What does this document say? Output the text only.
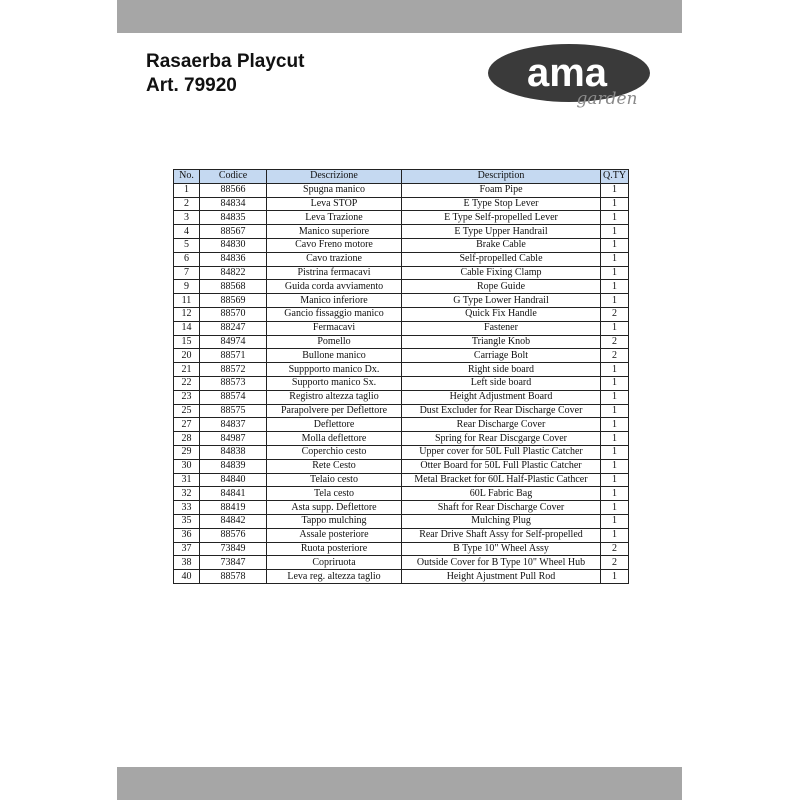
Rasaerba Playcut
Art. 79920	ama
garden
No.	Codice	Descrizione	Description	Q.TY
1	88566	Spugna manico	Foam Pipe	1
2	84834	Leva STOP	E Type Stop Lever	1
3	84835	Leva Trazione	E Type Self-propelled Lever	1
4	88567	Manico superiore	E Type Upper Handrail	1
5	84830	Cavo Freno motore	Brake Cable	1
6	84836	Cavo trazione	Self-propelled Cable	1
7	84822	Pistrina fermacavi	Cable Fixing Clamp	1
9	88568	Guida corda avviamento	Rope Guide	1
11	88569	Manico inferiore	G Type Lower Handrail	1
12	88570	Gancio fissaggio manico	Quick Fix Handle	2
14	88247	Fermacavi	Fastener	1
15	84974	Pomello	Triangle Knob	2
20	88571	Bullone manico	Carriage Bolt	2
21	88572	Suppporto manico Dx.	Right side board	1
22	88573	Supporto manico Sx.	Left side board	1
23	88574	Registro altezza taglio	Height Adjustment Board	1
25	88575	Parapolvere per Deflettore	Dust Excluder for Rear Discharge Cover	1
27	84837	Deflettore	Rear Discharge Cover	1
28	84987	Molla deflettore	Spring for Rear Discgarge Cover	1
29	84838	Coperchio cesto	Upper cover for 50L Full Plastic Catcher	1
30	84839	Rete Cesto	Otter Board for 50L Full Plastic Catcher	1
31	84840	Telaio cesto	Metal Bracket for 60L Half-Plastic Cathcer	1
32	84841	Tela cesto	60L Fabric Bag	1
33	88419	Asta supp. Deflettore	Shaft for Rear Discharge Cover	1
35	84842	Tappo mulching	Mulching Plug	1
36	88576	Assale posteriore	Rear Drive Shaft Assy for Self-propelled	1
37	73849	Ruota posteriore	B Type 10" Wheel Assy	2
38	73847	Copriruota	Outside Cover for B Type 10" Wheel Hub	2
40	88578	Leva reg. altezza taglio	Height Ajustment Pull Rod	1
